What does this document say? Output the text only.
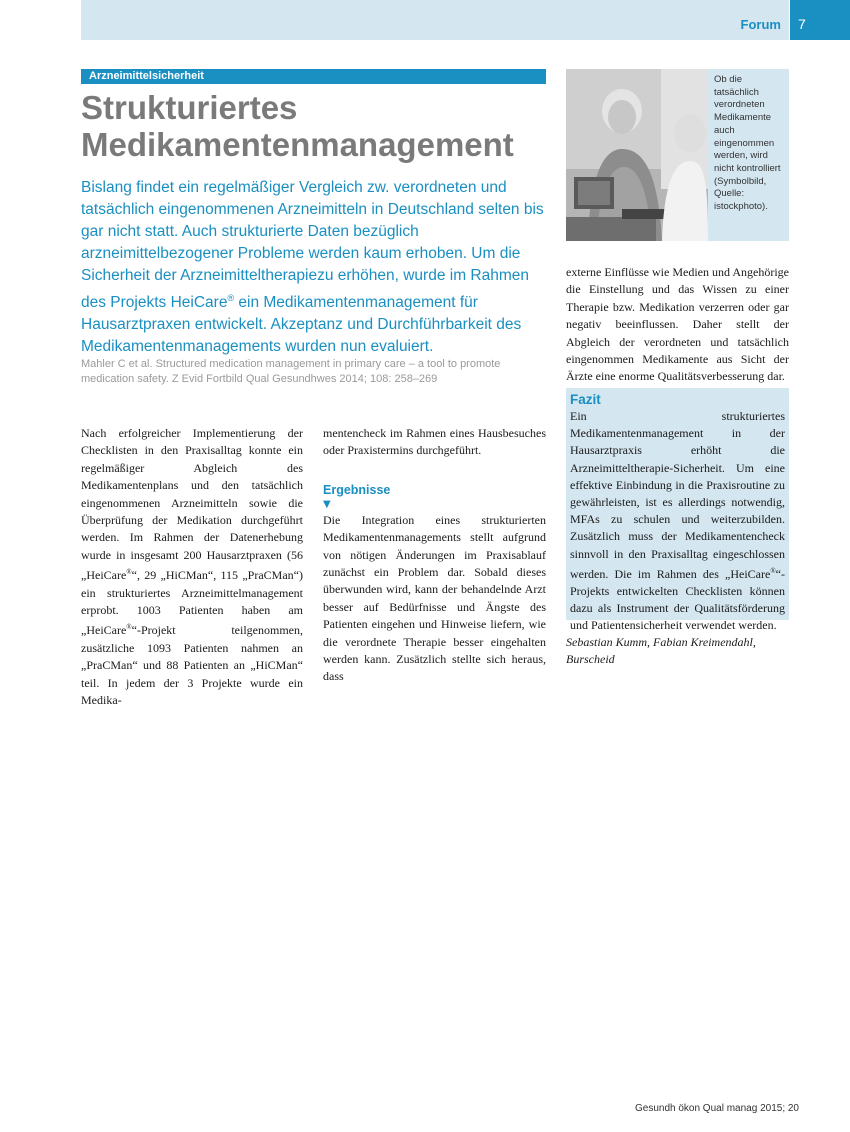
Forum	7
Arzneimittelsicherheit
Strukturiertes
Medikamentenmanagement

Bislang findet ein regelmäßiger Vergleich zw. verordneten und tatsächlich eingenommenen Arzneimitteln in Deutschland selten bis gar nicht statt. Auch strukturierte Daten bezüglich arzneimittelbezogener Probleme werden kaum erhoben. Um die Sicherheit der Arzneimitteltherapiezu erhöhen, wurde im Rahmen des Projekts HeiCare® ein Medikamentenmanagement für Hausarztpraxen entwickelt. Akzeptanz und Durchführbarkeit des Medikamentenmanagements wurden nun evaluiert.

Mahler C et al. Structured medication management in primary care – a tool to promote medication safety. Z Evid Fortbild Qual Gesundhwes 2014; 108: 258–269

Nach erfolgreicher Implementierung der Checklisten in den Praxisalltag konnte ein regelmäßiger Abgleich des Medikamentenplans und den tatsächlich eingenommenen Arzneimitteln sowie die Überprüfung der Medikation durchgeführt werden. Im Rahmen der Datenerhebung wurde in insgesamt 200 Hausarztpraxen (56 „HeiCare®“, 29 „HiCMan“, 115 „PraCMan“) ein strukturiertes Arzneimittelmanagement erprobt. 1003 Patienten haben am „HeiCare®“-Projekt teilgenommen, zusätzliche 1093 Patienten nahmen an „PraCMan“ und 88 Patienten an „HiCMan“ teil. In jedem der 3 Projekte wurde ein Medika-

mentencheck im Rahmen eines Hausbesuches oder Praxistermins durchgeführt.

Ergebnisse
▼

Die Integration eines strukturierten Medikamentenmanagements stellt aufgrund von nötigen Änderungen im Praxisablauf zunächst ein Problem dar. Sobald dieses überwunden wird, kann der behandelnde Arzt besser auf Bedürfnisse und Ängste des Patienten eingehen und Hinweise liefern, wie die verordnete Therapie besser eingehalten werden kann. Zusätzlich stellte sich heraus, dass

Ob die tatsächlich verordneten Medikamente auch eingenommen werden, wird nicht kontrolliert (Symbolbild, Quelle: istockphoto).

externe Einflüsse wie Medien und Angehörige die Einstellung und das Wissen zu einer Therapie bzw. Medikation verzerren oder gar negativ beeinflussen. Daher stellt der Abgleich der verordneten und tatsächlich eingenommen Medikamente aus Sicht der Ärzte eine enorme Qualitätsverbesserung dar.

Fazit

Ein strukturiertes Medikamentenmanagement in der Hausarztpraxis erhöht die Arzneimitteltherapie-Sicherheit. Um eine effektive Einbindung in die Praxisroutine zu gewährleisten, ist es allerdings notwendig, MFAs zu schulen und weiterzubilden. Zusätzlich muss der Medikamentencheck sinnvoll in den Praxisalltag eingeschlossen werden. Die im Rahmen des „HeiCare®“-Projekts entwickelten Checklisten können dazu als Instrument der Qualitätsförderung und Patientensicherheit verwendet werden.

Sebastian Kumm, Fabian Kreimendahl, Burscheid

Gesundh ökon Qual manag 2015; 20
